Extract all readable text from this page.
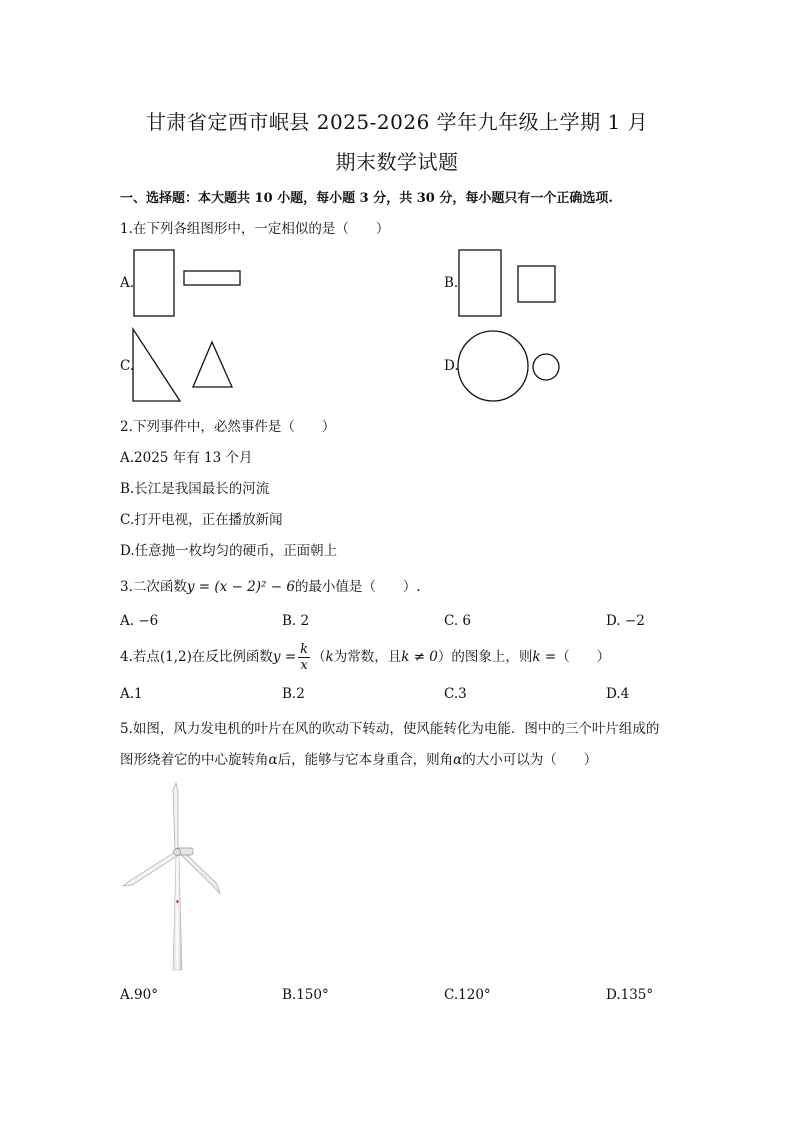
甘肃省定西市岷县 2025-2026 学年九年级上学期 1 月
期末数学试题
一、选择题：本大题共 10 小题，每小题 3 分，共 30 分，每小题只有一个正确选项.
1.在下列各组图形中，一定相似的是（　　）
A.	B.
C.	D.
2.下列事件中，必然事件是（　　）
A.2025 年有 13 个月
B.长江是我国最长的河流
C.打开电视，正在播放新闻
D.任意抛一枚均匀的硬币，正面朝上
3.二次函数y = (x − 2)² − 6的最小值是（　　）.
A. −6	B. 2	C. 6	D. −2
4.若点(1,2)在反比例函数$y = \frac{k}{x} (k$为常数，且k ≠ 0）的图象上，则k =（　　）
A.1	B.2	C.3	D.4
5.如图，风力发电机的叶片在风的吹动下转动，使风能转化为电能．图中的三个叶片组成的
图形绕着它的中心旋转角α后，能够与它本身重合，则角α的大小可以为（　　）
A.90°	B.150°	C.120°	D.135°
